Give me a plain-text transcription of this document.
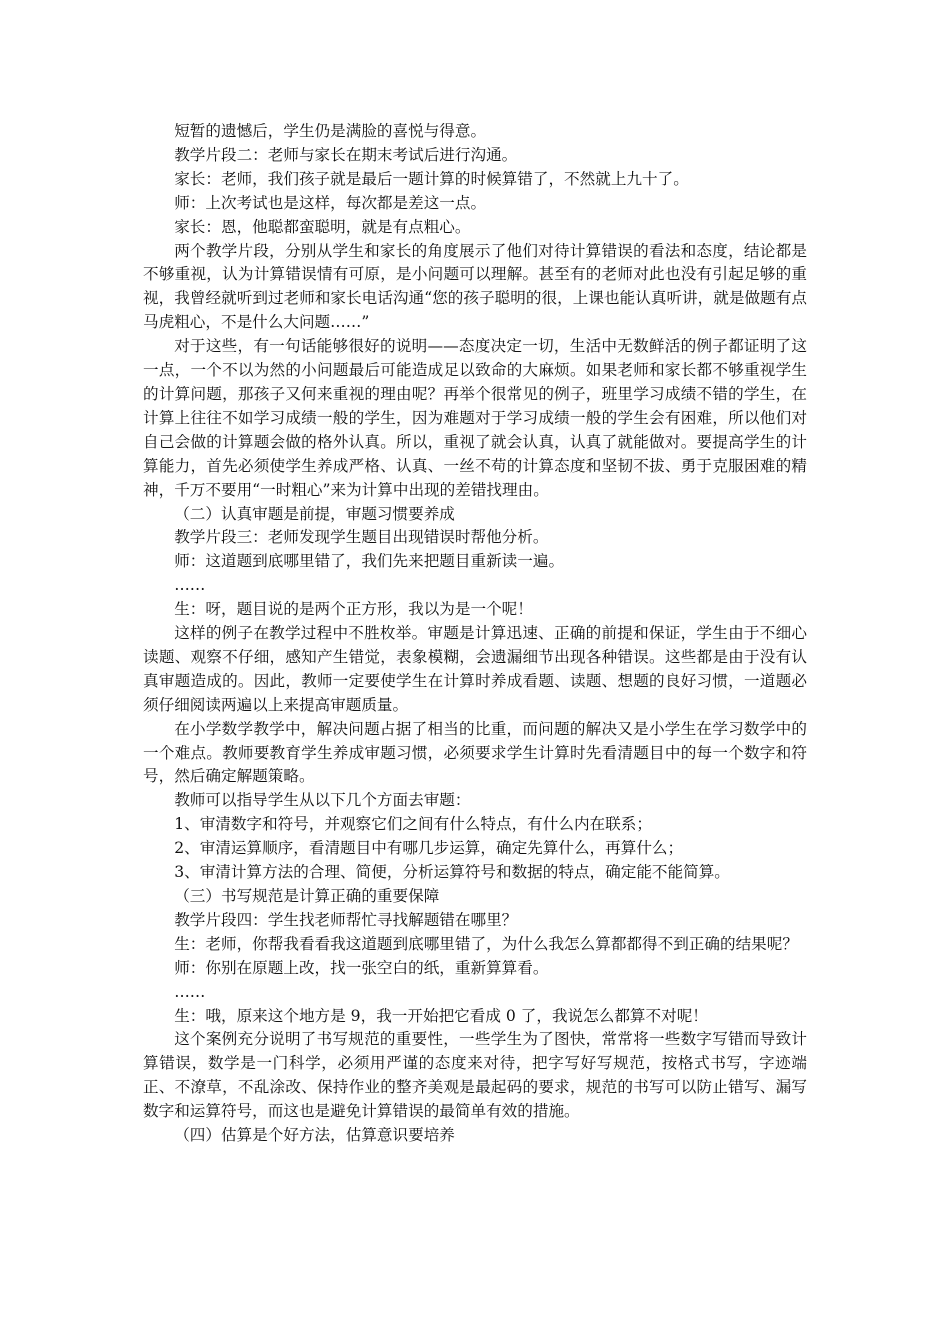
短暂的遗憾后，学生仍是满脸的喜悦与得意。

教学片段二：老师与家长在期末考试后进行沟通。

家长：老师，我们孩子就是最后一题计算的时候算错了，不然就上九十了。

师：上次考试也是这样，每次都是差这一点。

家长：恩，他聪都蛮聪明，就是有点粗心。

两个教学片段，分别从学生和家长的角度展示了他们对待计算错误的看法和态度，结论都是不够重视，认为计算错误情有可原，是小问题可以理解。甚至有的老师对此也没有引起足够的重视，我曾经就听到过老师和家长电话沟通“您的孩子聪明的很，上课也能认真听讲，就是做题有点马虎粗心，不是什么大问题……”

对于这些，有一句话能够很好的说明——态度决定一切，生活中无数鲜活的例子都证明了这一点，一个不以为然的小问题最后可能造成足以致命的大麻烦。如果老师和家长都不够重视学生的计算问题，那孩子又何来重视的理由呢？再举个很常见的例子，班里学习成绩不错的学生，在计算上往往不如学习成绩一般的学生，因为难题对于学习成绩一般的学生会有困难，所以他们对自己会做的计算题会做的格外认真。所以，重视了就会认真，认真了就能做对。要提高学生的计算能力，首先必须使学生养成严格、认真、一丝不苟的计算态度和坚韧不拔、勇于克服困难的精神，千万不要用“一时粗心”来为计算中出现的差错找理由。

（二）认真审题是前提，审题习惯要养成

教学片段三：老师发现学生题目出现错误时帮他分析。

师：这道题到底哪里错了，我们先来把题目重新读一遍。

……

生：呀，题目说的是两个正方形，我以为是一个呢！

这样的例子在教学过程中不胜枚举。审题是计算迅速、正确的前提和保证，学生由于不细心读题、观察不仔细，感知产生错觉，表象模糊，会遗漏细节出现各种错误。这些都是由于没有认真审题造成的。因此，教师一定要使学生在计算时养成看题、读题、想题的良好习惯，一道题必须仔细阅读两遍以上来提高审题质量。

在小学数学教学中，解决问题占据了相当的比重，而问题的解决又是小学生在学习数学中的一个难点。教师要教育学生养成审题习惯，必须要求学生计算时先看清题目中的每一个数字和符号，然后确定解题策略。

教师可以指导学生从以下几个方面去审题：

1、审清数字和符号，并观察它们之间有什么特点，有什么内在联系；

2、审清运算顺序，看清题目中有哪几步运算，确定先算什么，再算什么；

3、审清计算方法的合理、简便，分析运算符号和数据的特点，确定能不能简算。

（三）书写规范是计算正确的重要保障

教学片段四：学生找老师帮忙寻找解题错在哪里？

生：老师，你帮我看看我这道题到底哪里错了，为什么我怎么算都都得不到正确的结果呢？

师：你别在原题上改，找一张空白的纸，重新算算看。

……

生：哦，原来这个地方是 9，我一开始把它看成 0 了，我说怎么都算不对呢！

这个案例充分说明了书写规范的重要性，一些学生为了图快，常常将一些数字写错而导致计算错误，数学是一门科学，必须用严谨的态度来对待，把字写好写规范，按格式书写，字迹端正、不潦草，不乱涂改、保持作业的整齐美观是最起码的要求，规范的书写可以防止错写、漏写数字和运算符号，而这也是避免计算错误的最简单有效的措施。

（四）估算是个好方法，估算意识要培养
